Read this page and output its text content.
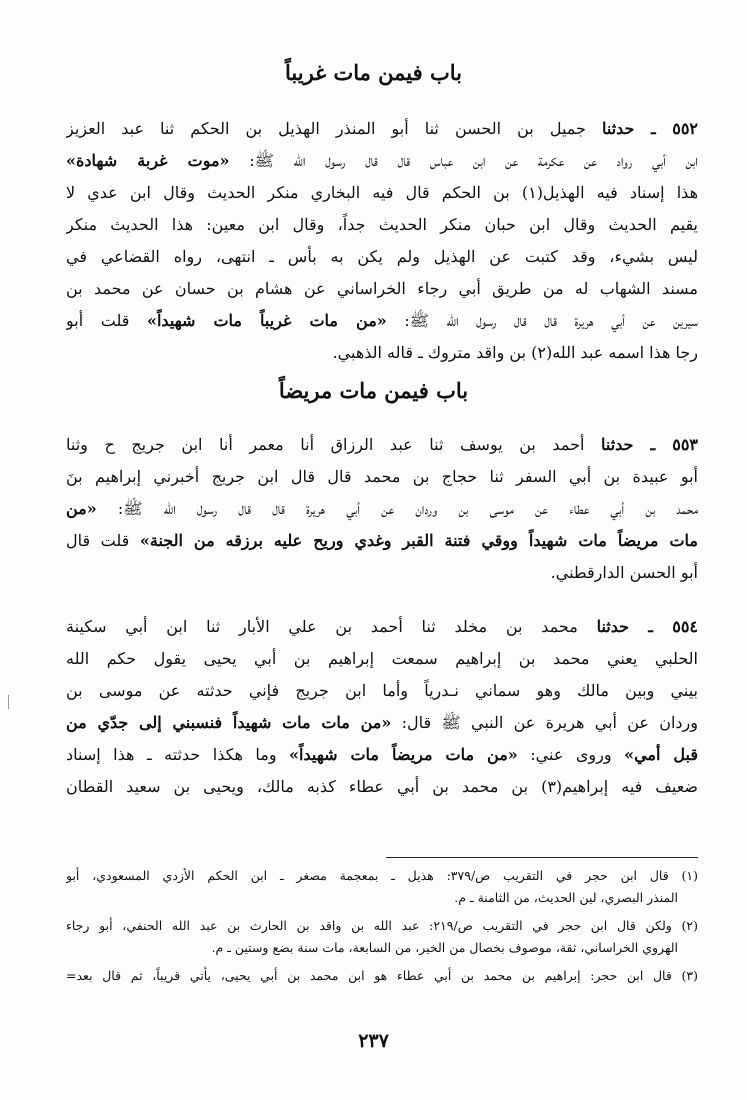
باب فيمن مات غريباً
٥٥٢ ـ حدثنا جميل بن الحسن ثنا أبو المنذر الهذيل بن الحكم ثنا عبد العزيز
ابن أبي رواد عن عكرمة عن ابن عباس قال قال رسول الله ﷺ: «موت غربة شهادة»
هذا إسناد فيه الهذيل(١) بن الحكم قال فيه البخاري منكر الحديث وقال ابن عدي لا
يقيم الحديث وقال ابن حبان منكر الحديث جداً، وقال ابن معين: هذا الحديث منكر
ليس بشيء، وقد كتبت عن الهذيل ولم يكن به بأس ـ انتهى، رواه القضاعي في
مسند الشهاب له من طريق أبي رجاء الخراساني عن هشام بن حسان عن محمد بن
سيرين عن أبي هريرة قال قال رسول الله ﷺ: «من مات غريباً مات شهيداً» قلت أبو
رجا هذا اسمه عبد الله(٢) بن واقد متروك ـ قاله الذهبي.
باب فيمن مات مريضاً
٥٥٣ ـ حدثنا أحمد بن يوسف ثنا عبد الرزاق أنا معمر أنا ابن جريج ح وثنا
أبو عبيدة بن أبي السفر ثنا حجاج بن محمد قال قال ابن جريج أخبرني إبراهيم بنَ
محمد بن أبي عطاء عن موسى بن وردان عن أبي هريرة قال قال رسول الله ﷺ: «من
مات مريضاً مات شهيداً ووقي فتنة القبر وغدي وريح عليه برزقه من الجنة» قلت قال
أبو الحسن الدارقطني.
٥٥٤ ـ حدثنا محمد بن مخلد ثنا أحمد بن علي الأبار ثنا ابن أبي سكينة
الحلبي يعني محمد بن إبراهيم سمعت إبراهيم بن أبي يحيى يقول حكم الله
بيني وبين مالك وهو سماني نـدرياً وأما ابن جريج فإني حدثته عن موسى بن
وردان عن أبي هريرة عن النبي ﷺ قال: «من مات مات شهيداً فنسبني إلى جدّي من
قبل أمي» وروى عني: «من مات مريضاً مات شهيداً» وما هكذا حدثته ـ هذا إسناد
ضعيف فيه إبراهيم(٣) بن محمد بن أبي عطاء كذبه مالك، ويحيى بن سعيد القطان
(١) قال ابن حجر في التقريب ص/٣٧٩: هذيل ـ بمعجمة مصغر ـ ابن الحكم الأزدي المسعودي، أبو
المنذر البصري، لين الحديث، من الثامنة ـ م.
(٢) ولكن قال ابن حجر في التقريب ص/٢١٩: عبد الله بن واقد بن الحارث بن عبد الله الحنفي، أبو رجاء
الهروي الخراساني، ثقة، موصوف بخصال من الخير، من السابعة، مات سنة بضع وستين ـ م.
(٣) قال ابن حجر: إبراهيم بن محمد بن أبي عطاء هو ابن محمد بن أبي يحيى، يأتي قريباً، ثم قال بعد=
٢٣٧
